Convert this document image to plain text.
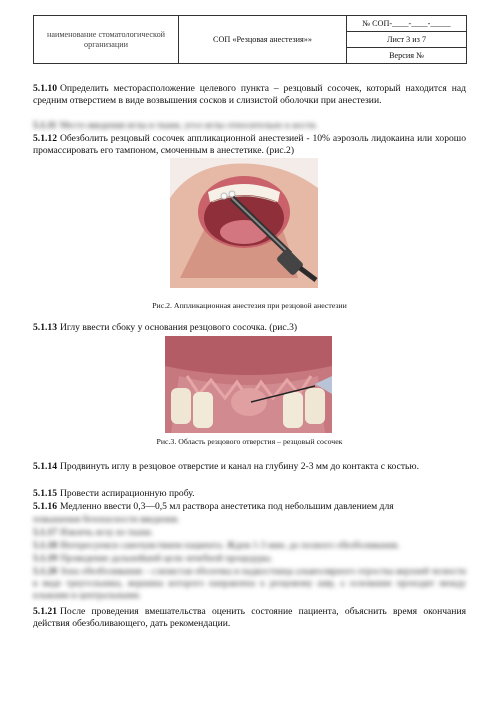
наименование стоматологической организации	СОП «Резцовая анестезия»»	№ СОП-____-____-_____
Лист 3 из 7
Версия №
5.1.10 Определить месторасположение целевого пункта – резцовый сосочек, который находится над средним отверстием в виде возвышения сосков и слизистой оболочки при анестезии.
5.1.11 Место введения иглы в ткани, угол иглы относительно к кости.
5.1.12 Обезболить резцовый сосочек аппликационной анестезией - 10% аэрозоль лидокаина или хорошо промассировать его тампоном, смоченным в анестетике. (рис.2)
Рис.2. Аппликационная анестезия при резцовой анестезии
5.1.13 Иглу ввести сбоку у основания резцового сосочка. (рис.3)
Рис.3. Область резцового отверстия – резцовый сосочек
5.1.14 Продвинуть иглу в резцовое отверстие и канал на глубину 2-3 мм до контакта с костью.
5.1.15 Провести аспирационную пробу.
5.1.16 Медленно ввести 0,3—0,5 мл раствора анестетика под небольшим давлением для
повышения безопасности введения.
5.1.17 Извлечь иглу из ткани.
5.1.18 Интересуемся самочувствием пациента. Ждем 1-3 мин. до полного обезболивания.
5.1.19 Проведение дальнейшей цели лечебной процедуры.
5.1.20 Зона обезболивания – слизистая оболочка и надкостница альвеолярного отростка верхней челюсти в виде треугольника, вершина которого направлена к резцовому шву, а основание проходит между клыками и центральными.
5.1.21 После проведения вмешательства оценить состояние пациента, объяснить время окончания действия обезболивающего, дать рекомендации.
